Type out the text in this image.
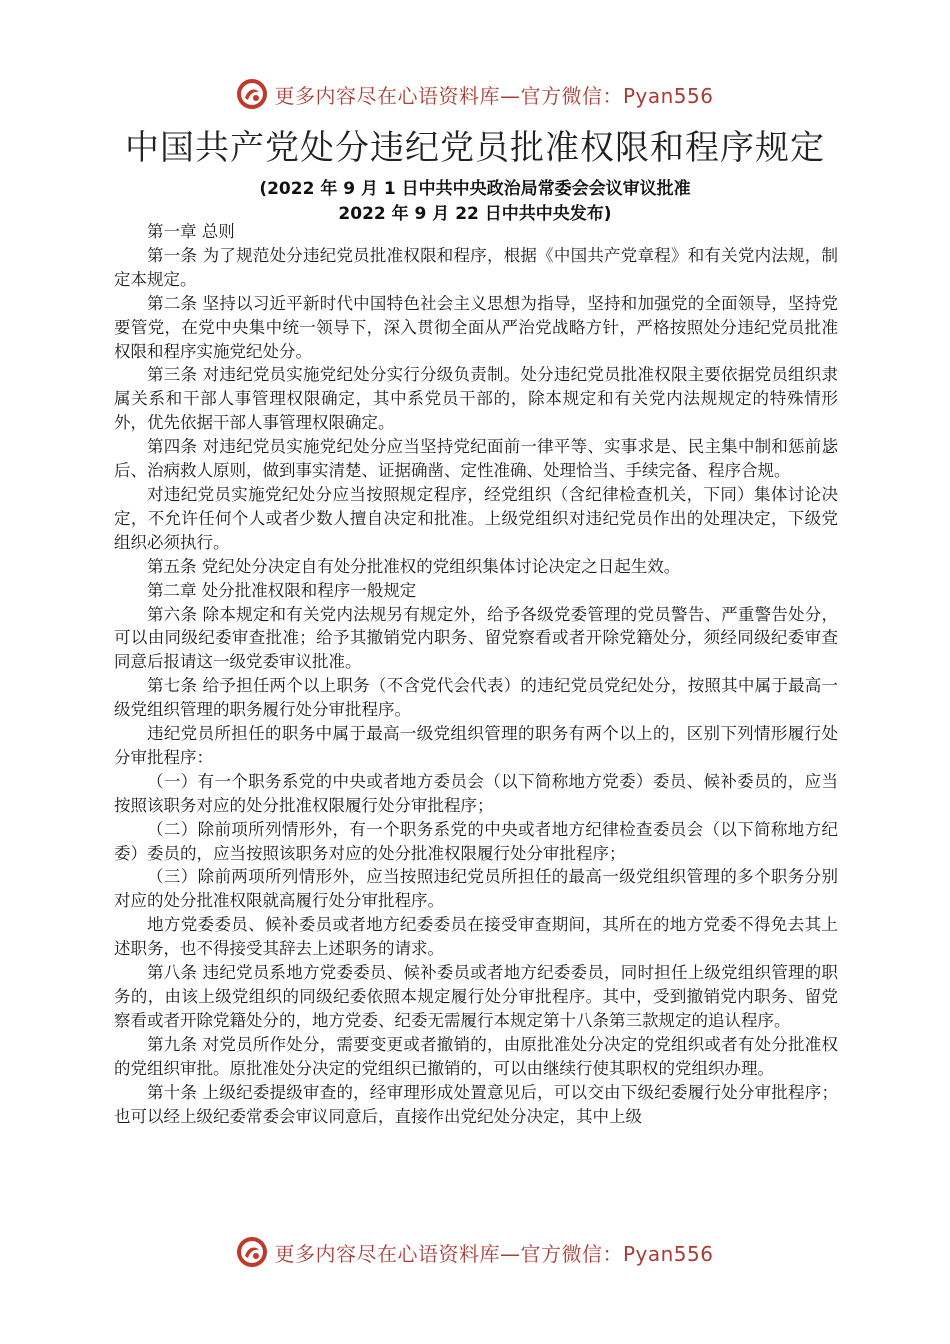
更多内容尽在心语资料库—官方微信：Pyan556
中国共产党处分违纪党员批准权限和程序规定
(2022 年 9 月 1 日中共中央政治局常委会会议审议批准
2022 年 9 月 22 日中共中央发布)

第一章 总则

第一条 为了规范处分违纪党员批准权限和程序，根据《中国共产党章程》和有关党内法规，制定本规定。

第二条 坚持以习近平新时代中国特色社会主义思想为指导，坚持和加强党的全面领导，坚持党要管党，在党中央集中统一领导下，深入贯彻全面从严治党战略方针，严格按照处分违纪党员批准权限和程序实施党纪处分。

第三条 对违纪党员实施党纪处分实行分级负责制。处分违纪党员批准权限主要依据党员组织隶属关系和干部人事管理权限确定，其中系党员干部的，除本规定和有关党内法规规定的特殊情形外，优先依据干部人事管理权限确定。

第四条 对违纪党员实施党纪处分应当坚持党纪面前一律平等、实事求是、民主集中制和惩前毖后、治病救人原则，做到事实清楚、证据确凿、定性准确、处理恰当、手续完备、程序合规。

对违纪党员实施党纪处分应当按照规定程序，经党组织（含纪律检查机关，下同）集体讨论决定，不允许任何个人或者少数人擅自决定和批准。上级党组织对违纪党员作出的处理决定，下级党组织必须执行。

第五条 党纪处分决定自有处分批准权的党组织集体讨论决定之日起生效。

第二章 处分批准权限和程序一般规定

第六条 除本规定和有关党内法规另有规定外，给予各级党委管理的党员警告、严重警告处分，可以由同级纪委审查批准；给予其撤销党内职务、留党察看或者开除党籍处分，须经同级纪委审查同意后报请这一级党委审议批准。

第七条 给予担任两个以上职务（不含党代会代表）的违纪党员党纪处分，按照其中属于最高一级党组织管理的职务履行处分审批程序。

违纪党员所担任的职务中属于最高一级党组织管理的职务有两个以上的，区别下列情形履行处分审批程序：

（一）有一个职务系党的中央或者地方委员会（以下简称地方党委）委员、候补委员的，应当按照该职务对应的处分批准权限履行处分审批程序；

（二）除前项所列情形外，有一个职务系党的中央或者地方纪律检查委员会（以下简称地方纪委）委员的，应当按照该职务对应的处分批准权限履行处分审批程序；

（三）除前两项所列情形外，应当按照违纪党员所担任的最高一级党组织管理的多个职务分别对应的处分批准权限就高履行处分审批程序。

地方党委委员、候补委员或者地方纪委委员在接受审查期间，其所在的地方党委不得免去其上述职务，也不得接受其辞去上述职务的请求。

第八条 违纪党员系地方党委委员、候补委员或者地方纪委委员，同时担任上级党组织管理的职务的，由该上级党组织的同级纪委依照本规定履行处分审批程序。其中，受到撤销党内职务、留党察看或者开除党籍处分的，地方党委、纪委无需履行本规定第十八条第三款规定的追认程序。

第九条 对党员所作处分，需要变更或者撤销的，由原批准处分决定的党组织或者有处分批准权的党组织审批。原批准处分决定的党组织已撤销的，可以由继续行使其职权的党组织办理。

第十条 上级纪委提级审查的，经审理形成处置意见后，可以交由下级纪委履行处分审批程序；也可以经上级纪委常委会审议同意后，直接作出党纪处分决定，其中上级

更多内容尽在心语资料库—官方微信：Pyan556
